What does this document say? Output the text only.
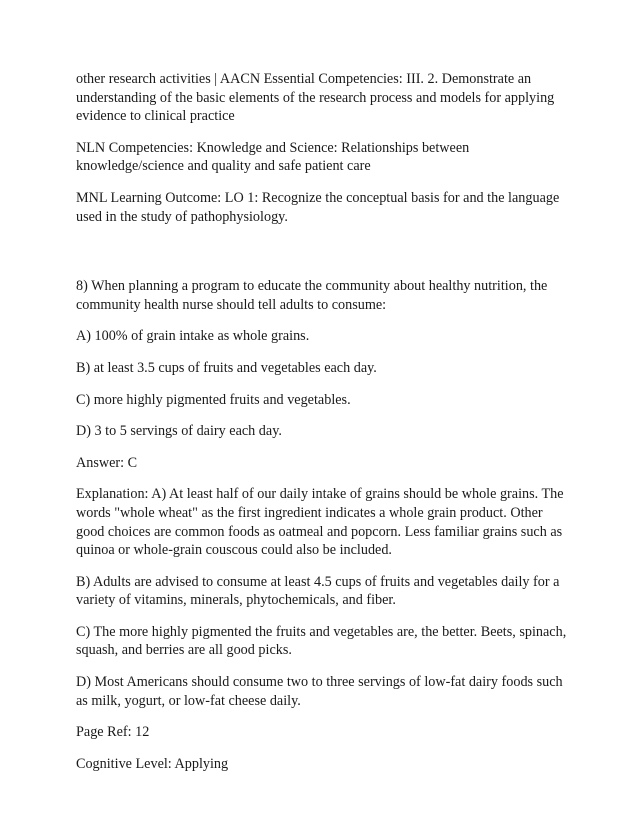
other research activities | AACN Essential Competencies: III. 2. Demonstrate an understanding of the basic elements of the research process and models for applying evidence to clinical practice

NLN Competencies: Knowledge and Science: Relationships between knowledge/science and quality and safe patient care

MNL Learning Outcome: LO 1: Recognize the conceptual basis for and the language used in the study of pathophysiology.

8) When planning a program to educate the community about healthy nutrition, the community health nurse should tell adults to consume:

A) 100% of grain intake as whole grains.

B) at least 3.5 cups of fruits and vegetables each day.

C) more highly pigmented fruits and vegetables.

D) 3 to 5 servings of dairy each day.

Answer: C

Explanation: A) At least half of our daily intake of grains should be whole grains. The words "whole wheat" as the first ingredient indicates a whole grain product. Other good choices are common foods as oatmeal and popcorn. Less familiar grains such as quinoa or whole-grain couscous could also be included.

B) Adults are advised to consume at least 4.5 cups of fruits and vegetables daily for a variety of vitamins, minerals, phytochemicals, and fiber.

C) The more highly pigmented the fruits and vegetables are, the better. Beets, spinach, squash, and berries are all good picks.

D) Most Americans should consume two to three servings of low-fat dairy foods such as milk, yogurt, or low-fat cheese daily.

Page Ref: 12

Cognitive Level: Applying
